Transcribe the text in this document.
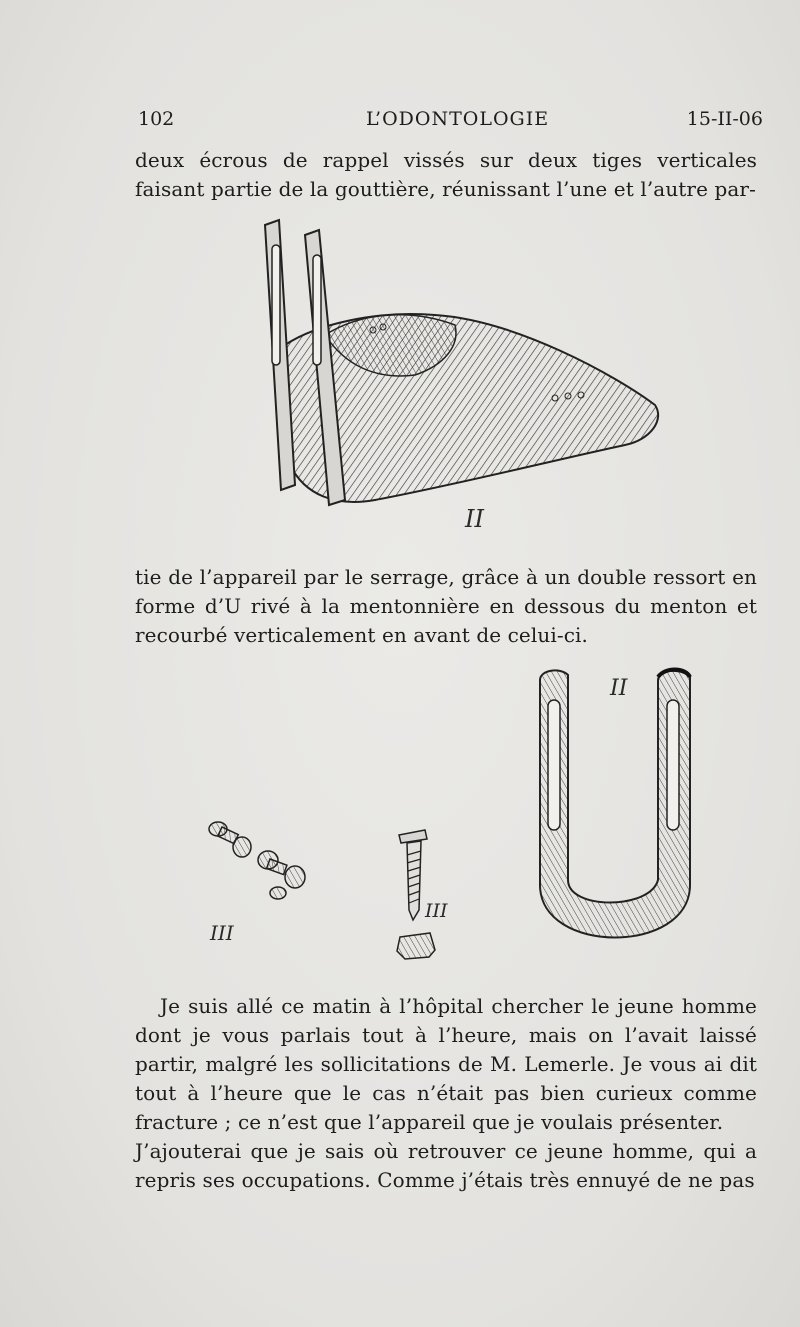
102	L’ODONTOLOGIE	15-II-06

deux écrous de rappel vissés sur deux tiges verticales faisant partie de la gouttière, réunissant l’une et l’autre par-

II

tie de l’appareil par le serrage, grâce à un double ressort en forme d’U rivé à la mentonnière en dessous du menton et recourbé verticalement en avant de celui-ci.

II
III
III

Je suis allé ce matin à l’hôpital chercher le jeune homme dont je vous parlais tout à l’heure, mais on l’avait laissé partir, malgré les sollicitations de M. Lemerle. Je vous ai dit tout à l’heure que le cas n’était pas bien curieux comme fracture ; ce n’est que l’appareil que je voulais présenter.

J’ajouterai que je sais où retrouver ce jeune homme, qui a repris ses occupations. Comme j’étais très ennuyé de ne pas
